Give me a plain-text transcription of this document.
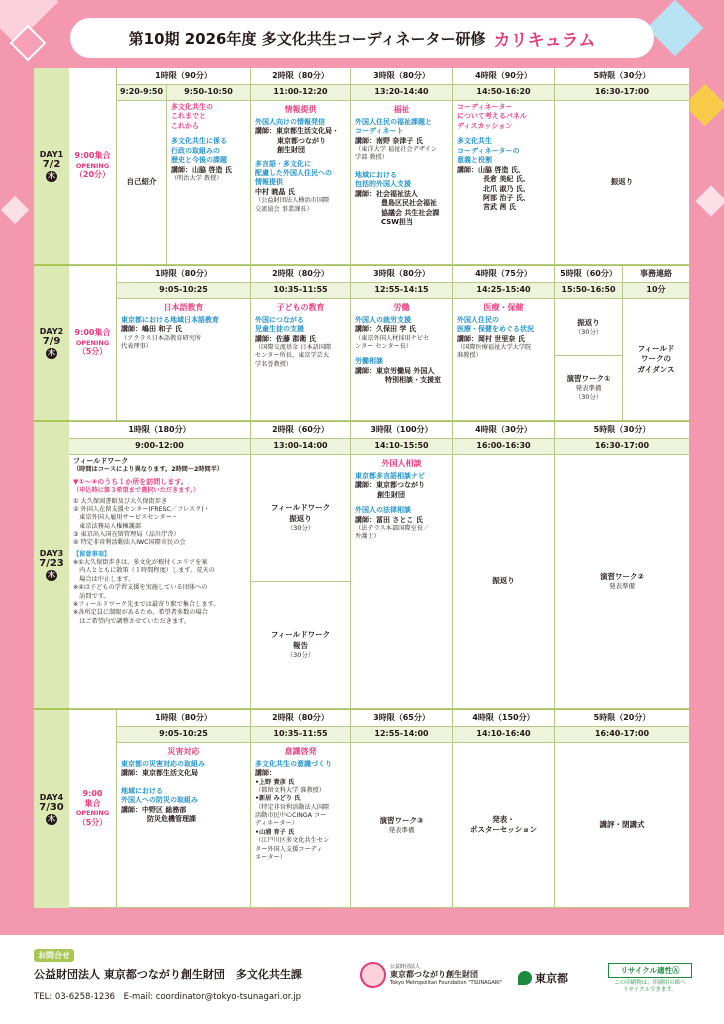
第10期 2026年度 多文化共生コーディネーター研修 カリキュラム
DAY1
7/2
木
9:00集合
OPENING
（20分）
1時限（90分）
9:20-9:50	9:50-10:50
自己紹介
多文化共生の
これまでと
これから
多文化共生に係る
行政の取組みの
歴史と今後の課題
講師：山脇 啓造 氏
（明治大学 教授）
2時限（80分）
11:00-12:20
情報提供
外国人向けの情報発信
講師：東京都生活文化局・
東京都つながり
創生財団
多言語・多文化に
配慮した外国人住民への
情報提供
中村 暁晶 氏
（公益財団法人横浜市国際
交流協会 事業課長）
3時限（80分）
13:20-14:40
福祉
外国人住民の福祉課題と
コーディネート
講師：南野 奈津子 氏
（東洋大学 福祉社会デザイン
学部 教授）
地域における
包括的外国人支援
講師：社会福祉法人
豊島区民社会福祉
協議会 共生社会課
CSW担当
4時限（90分）
14:50-16:20
コーディネーター
について考えるパネル
ディスカッション
多文化共生
コーディネーターの
意義と役割
講師：山脇 啓造 氏、
長倉 美紀 氏、
北爪 淑乃 氏、
阿部 治子 氏、
宮武 茜 氏
5時限（30分）
16:30-17:00
振返り
DAY2
7/9
木
9:00集合
OPENING
（5分）
1時限（80分）
9:05-10:25
日本語教育
東京都における地域日本語教育
講師：嶋田 和子 氏
（アクラス日本語教育研究所
代表理事）
2時限（80分）
10:35-11:55
子どもの教育
外国につながる
児童生徒の支援
講師：佐藤 郡衛 氏
（国際交流基金 日本語国際
センター所長、東京学芸大
学名誉教授）
3時限（80分）
12:55-14:15
労働
外国人の就労支援
講師：久保田 学 氏
（東京外国人材採用ナビセ
ンター センター長）
労働相談
講師：東京労働局 外国人
特別相談・支援室
4時限（75分）
14:25-15:40
医療・保健
外国人住民の
医療・保健をめぐる状況
講師：岡村 世里奈 氏
（国際医療福祉大学大学院
准教授）
5時限（60分）
15:50-16:50
振返り
（30分）
演習ワーク①
発表準備
（30分）
事務連絡
10分
フィールド
ワークの
ガイダンス
DAY3
7/23
木
1時限（180分）
9:00-12:00
フィールドワーク
（時間はコースにより異なります。2時間～2時間半）
▼①～④のうち１か所を訪問します。
（申込時に第３希望まで選択いただきます。）
① 大久保図書館及び大久保街歩き
② 外国人在留支援センター(FRESC／フレスク)・
　東京外国人雇用サービスセンター・
　東京法務局人権擁護部
③ 東京出入国在留管理局（品川庁舎）
④ 特定非営利活動法人IWC国際市民の会
【留意事項】
※①大久保街歩きは、多文化が根付くエリアを案
　内人とともに散策（１時間程度）します。荒天の
　場合は中止します。
※④は子どもの学習支援を実施している団体への
　訪問です。
※フィールドワーク先までは最寄り駅で集合します。
※各所定員に制限があるため、希望者多数の場合
　はご希望内で調整させていただきます。
2時限（60分）
13:00-14:00
フィールドワーク
振返り
（30分）
フィールドワーク
報告
（30分）
3時限（100分）
14:10-15:50
外国人相談
東京都多言語相談ナビ
講師：東京都つながり
創生財団
外国人の法律相談
講師：冨田 さとこ 氏
（法テラス本部国際室長／
弁護士）
4時限（30分）
16:00-16:30
振返り
5時限（30分）
16:30-17:00
演習ワーク②
発表準備
DAY4
7/30
木
9:00
集合
OPENING
（5分）
1時限（80分）
9:05-10:25
災害対応
東京都の災害対応の取組み
講師：東京都生活文化局
地域における
外国人への防災の取組み
講師：中野区 総務部
防災危機管理課
2時限（80分）
10:35-11:55
意識啓発
多文化共生の意識づくり
講師：
•上野 貴彦 氏
（都留文科大学 准教授）
•新居 みどり 氏
（特定非営利活動法人国際
活動市民中心CINGA コー
ディネーター）
•山浦 育子 氏
（江戸川区多文化共生セン
ター外国人支援コーディ
ネーター）
3時限（65分）
12:55-14:00
演習ワーク③
発表準備
4時限（150分）
14:10-16:40
発表・
ポスターセッション
5時限（20分）
16:40-17:00
講評・閉講式
お問合せ
公益財団法人 東京都つながり創生財団　多文化共生課
TEL: 03-6258-1236　E-mail: coordinator@tokyo-tsunagari.or.jp
公益財団法人
東京都つながり創生財団
Tokyo Metropolitan Foundation "TSUNAGARI"	東京都
リサイクル適性Ⓐ
この印刷物は、印刷用の紙へ
リサイクルできます。
